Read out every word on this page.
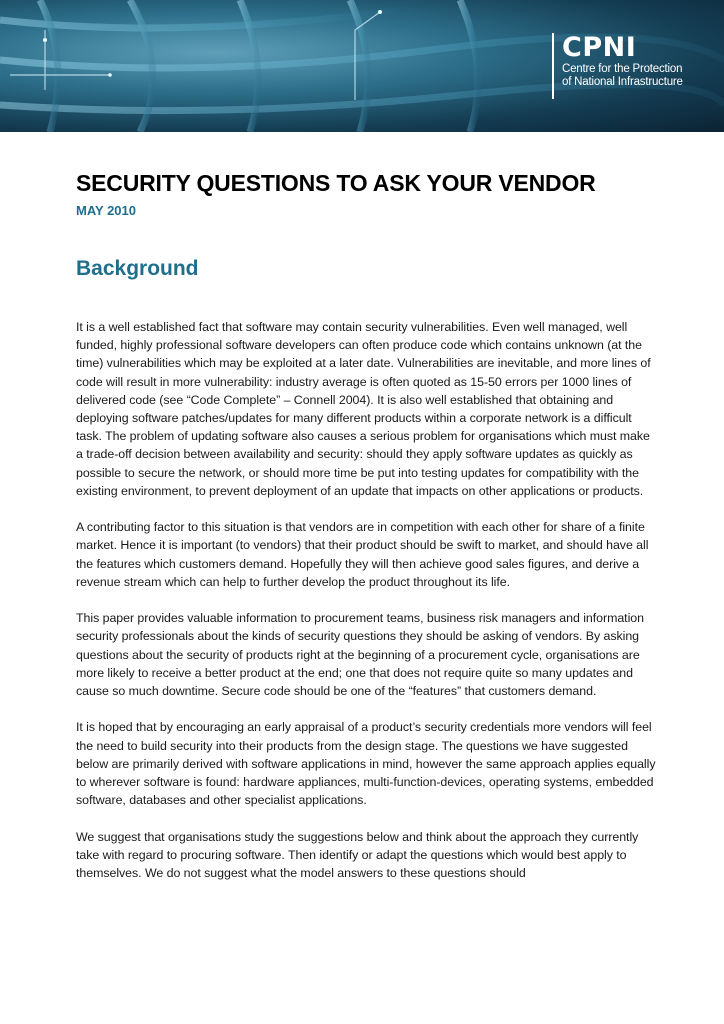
CPNI
Centre for the Protection
of National Infrastructure
SECURITY QUESTIONS TO ASK YOUR VENDOR
MAY 2010
Background

It is a well established fact that software may contain security vulnerabilities. Even well managed, well funded, highly professional software developers can often produce code which contains unknown (at the time) vulnerabilities which may be exploited at a later date. Vulnerabilities are inevitable, and more lines of code will result in more vulnerability: industry average is often quoted as 15-50 errors per 1000 lines of delivered code (see “Code Complete” – Connell 2004). It is also well established that obtaining and deploying software patches/updates for many different products within a corporate network is a difficult task. The problem of updating software also causes a serious problem for organisations which must make a trade-off decision between availability and security: should they apply software updates as quickly as possible to secure the network, or should more time be put into testing updates for compatibility with the existing environment, to prevent deployment of an update that impacts on other applications or products.

A contributing factor to this situation is that vendors are in competition with each other for share of a finite market. Hence it is important (to vendors) that their product should be swift to market, and should have all the features which customers demand. Hopefully they will then achieve good sales figures, and derive a revenue stream which can help to further develop the product throughout its life.

This paper provides valuable information to procurement teams, business risk managers and information security professionals about the kinds of security questions they should be asking of vendors. By asking questions about the security of products right at the beginning of a procurement cycle, organisations are more likely to receive a better product at the end; one that does not require quite so many updates and cause so much downtime. Secure code should be one of the “features” that customers demand.

It is hoped that by encouraging an early appraisal of a product’s security credentials more vendors will feel the need to build security into their products from the design stage. The questions we have suggested below are primarily derived with software applications in mind, however the same approach applies equally to wherever software is found: hardware appliances, multi-function-devices, operating systems, embedded software, databases and other specialist applications.

We suggest that organisations study the suggestions below and think about the approach they currently take with regard to procuring software. Then identify or adapt the questions which would best apply to themselves. We do not suggest what the model answers to these questions should
